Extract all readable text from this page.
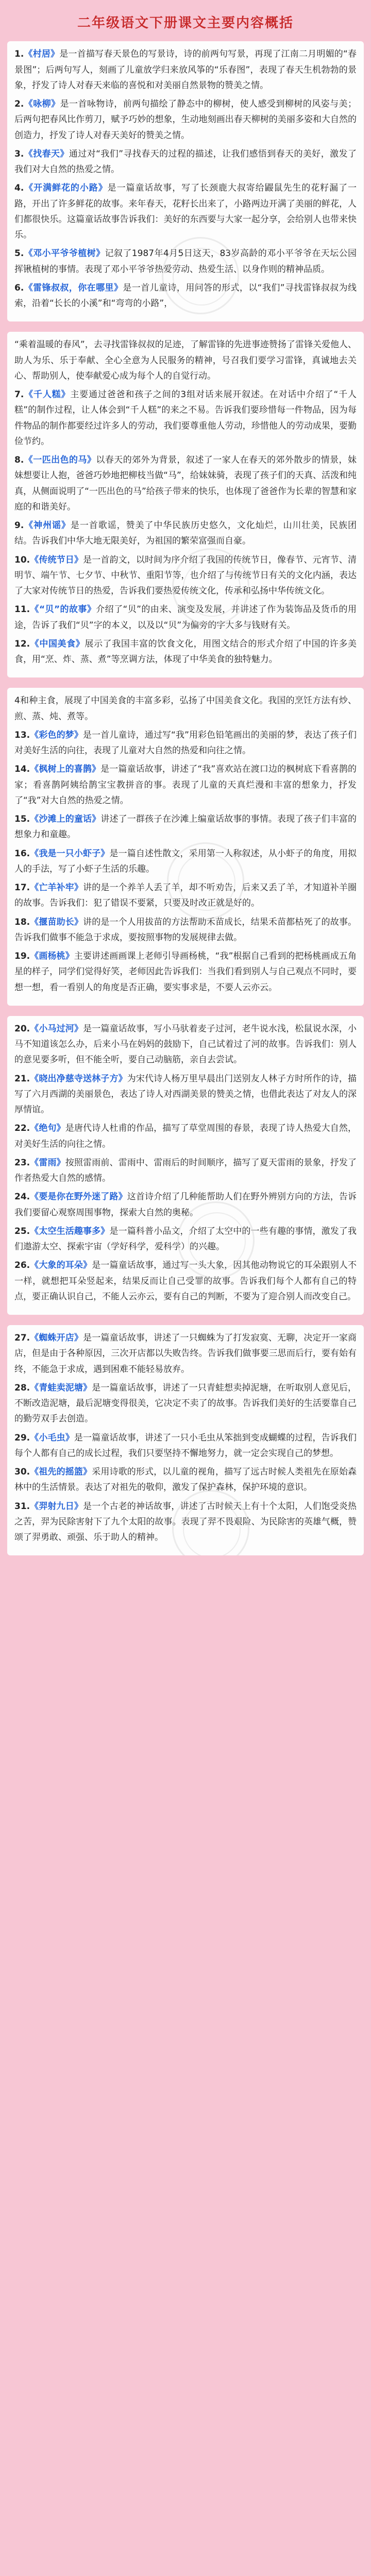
二年级语文下册课文主要内容概括

1.《村居》是一首描写春天景色的写景诗，诗的前两句写景，再现了江南二月明媚的“春景图”；后两句写人，刻画了儿童放学归来放风筝的“乐春图”，表现了春天生机勃勃的景象，抒发了诗人对春天来临的喜悦和对美丽自然景物的赞美之情。

2.《咏柳》是一首咏物诗，前两句描绘了静态中的柳树，使人感受到柳树的风姿与美；后两句把春风比作剪刀，赋予巧妙的想象，生动地刻画出春天柳树的美丽多姿和大自然的创造力，抒发了诗人对春天美好的赞美之情。

3.《找春天》通过对“我们”寻找春天的过程的描述，让我们感悟到春天的美好，激发了我们对大自然的热爱之情。

4.《开满鲜花的小路》是一篇童话故事，写了长颈鹿大叔寄给鼹鼠先生的花籽漏了一路，开出了许多鲜花的故事。来年春天，花籽长出来了，小路两边开满了美丽的鲜花，人们都很快乐。这篇童话故事告诉我们：美好的东西要与大家一起分享，会给别人也带来快乐。

5.《邓小平爷爷植树》记叙了1987年4月5日这天，83岁高龄的邓小平爷爷在天坛公园挥锹植树的事情。表现了邓小平爷爷热爱劳动、热爱生活、以身作则的精神品质。

6.《雷锋叔叔，你在哪里》是一首儿童诗，用问答的形式，以“我们”寻找雷锋叔叔为线索，沿着“长长的小溪”和“弯弯的小路”，

“乘着温暖的春风”，去寻找雷锋叔叔的足迹，了解雷锋的先进事迹赞扬了雷锋关爱他人、助人为乐、乐于奉献、全心全意为人民服务的精神，号召我们要学习雷锋，真诚地去关心、帮助别人，使奉献爱心成为每个人的自觉行动。

7.《千人糕》主要通过爸爸和孩子之间的3组对话来展开叙述。在对话中介绍了“千人糕”的制作过程，让人体会到“千人糕”的来之不易。告诉我们要珍惜每一件物品，因为每件物品的制作都要经过许多人的劳动，我们要尊重他人劳动，珍惜他人的劳动成果，要勤俭节约。

8.《一匹出色的马》以春天的郊外为背景，叙述了一家人在春天的郊外散步的情景，妹妹想要让人抱，爸爸巧妙地把柳枝当做“马”，给妹妹骑，表现了孩子们的天真、活泼和纯真，从侧面说明了“一匹出色的马”给孩子带来的快乐，也体现了爸爸作为长辈的智慧和家庭的和谐美好。

9.《神州谣》是一首歌谣，赞美了中华民族历史悠久，文化灿烂，山川壮美，民族团结。告诉我们中华大地无限美好，为祖国的繁荣富强而自豪。

10.《传统节日》是一首韵文，以时间为序介绍了我国的传统节日，像春节、元宵节、清明节、端午节、七夕节、中秋节、重阳节等，也介绍了与传统节日有关的文化内涵，表达了大家对传统节日的热爱，告诉我们要热爱传统文化，传承和弘扬中华传统文化。

11.《“贝”的故事》介绍了“贝”的由来、演变及发展，并讲述了作为装饰品及货币的用途，告诉了我们“贝”字的本义，以及以“贝”为偏旁的字大多与钱财有关。

12.《中国美食》展示了我国丰富的饮食文化，用图文结合的形式介绍了中国的许多美食，用“烹、炸、蒸、煮”等烹调方法，体现了中华美食的独特魅力。

4和种主食，展现了中国美食的丰富多彩，弘扬了中国美食文化。我国的烹饪方法有炒、煎、蒸、炖、煮等。

13.《彩色的梦》是一首儿童诗，通过写“我”用彩色铅笔画出的美丽的梦，表达了孩子们对美好生活的向往，表现了儿童对大自然的热爱和向往之情。

14.《枫树上的喜鹊》是一篇童话故事，讲述了“我”喜欢站在渡口边的枫树底下看喜鹊的家；看喜鹊阿姨给鹊宝宝教拼音的事。表现了儿童的天真烂漫和丰富的想象力，抒发了“我”对大自然的热爱之情。

15.《沙滩上的童话》讲述了一群孩子在沙滩上编童话故事的事情。表现了孩子们丰富的想象力和童趣。

16.《我是一只小虾子》是一篇自述性散文，采用第一人称叙述，从小虾子的角度，用拟人的手法，写了小虾子生活的乐趣。

17.《亡羊补牢》讲的是一个养羊人丢了羊，却不听劝告，后来又丢了羊，才知道补羊圈的故事。告诉我们：犯了错误不要紧，只要及时改正就是好的。

18.《揠苗助长》讲的是一个人用拔苗的方法帮助禾苗成长，结果禾苗都枯死了的故事。告诉我们做事不能急于求成，要按照事物的发展规律去做。

19.《画杨桃》主要讲述画画课上老师引导画杨桃，“我”根据自己看到的把杨桃画成五角星的样子，同学们觉得好笑，老师因此告诉我们：当我们看到别人与自己观点不同时，要想一想，看一看别人的角度是否正确，要实事求是，不要人云亦云。

20.《小马过河》是一篇童话故事，写小马驮着麦子过河，老牛说水浅，松鼠说水深，小马不知道该怎么办，后来小马在妈妈的鼓励下，自己试着过了河的故事。告诉我们：别人的意见要多听，但不能全听，要自己动脑筋，亲自去尝试。

21.《晓出净慈寺送林子方》为宋代诗人杨万里早晨出门送别友人林子方时所作的诗，描写了六月西湖的美丽景色，表达了诗人对西湖美景的赞美之情，也借此表达了对友人的深厚情谊。

22.《绝句》是唐代诗人杜甫的作品，描写了草堂周围的春景，表现了诗人热爱大自然，对美好生活的向往之情。

23.《雷雨》按照雷雨前、雷雨中、雷雨后的时间顺序，描写了夏天雷雨的景象，抒发了作者热爱大自然的感情。

24.《要是你在野外迷了路》这首诗介绍了几种能帮助人们在野外辨别方向的方法，告诉我们要留心观察周围事物，探索大自然的奥秘。

25.《太空生活趣事多》是一篇科普小品文，介绍了太空中的一些有趣的事情，激发了我们遨游太空、探索宇宙（学好科学，爱科学）的兴趣。

26.《大象的耳朵》是一篇童话故事，通过写一头大象，因其他动物说它的耳朵跟别人不一样，就想把耳朵竖起来，结果反而让自己受罪的故事。告诉我们每个人都有自己的特点，要正确认识自己，不能人云亦云，要有自己的判断，不要为了迎合别人而改变自己。

27.《蜘蛛开店》是一篇童话故事，讲述了一只蜘蛛为了打发寂寞、无聊，决定开一家商店，但是由于各种原因，三次开店都以失败告终。告诉我们做事要三思而后行，要有始有终，不能急于求成，遇到困难不能轻易放弃。

28.《青蛙卖泥塘》是一篇童话故事，讲述了一只青蛙想卖掉泥塘，在听取别人意见后，不断改造泥塘，最后泥塘变得很美，它决定不卖了的故事。告诉我们美好的生活要靠自己的勤劳双手去创造。

29.《小毛虫》是一篇童话故事，讲述了一只小毛虫从笨拙到变成蝴蝶的过程，告诉我们每个人都有自己的成长过程，我们只要坚持不懈地努力，就一定会实现自己的梦想。

30.《祖先的摇篮》采用诗歌的形式，以儿童的视角，描写了远古时候人类祖先在原始森林中的生活情景。表达了对祖先的敬仰，激发了保护森林，保护环境的意识。

31.《羿射九日》是一个古老的神话故事，讲述了古时候天上有十个太阳，人们饱受炎热之苦，羿为民除害射下了九个太阳的故事。表现了羿不畏艰险、为民除害的英雄气概，赞颂了羿勇敢、顽强、乐于助人的精神。
